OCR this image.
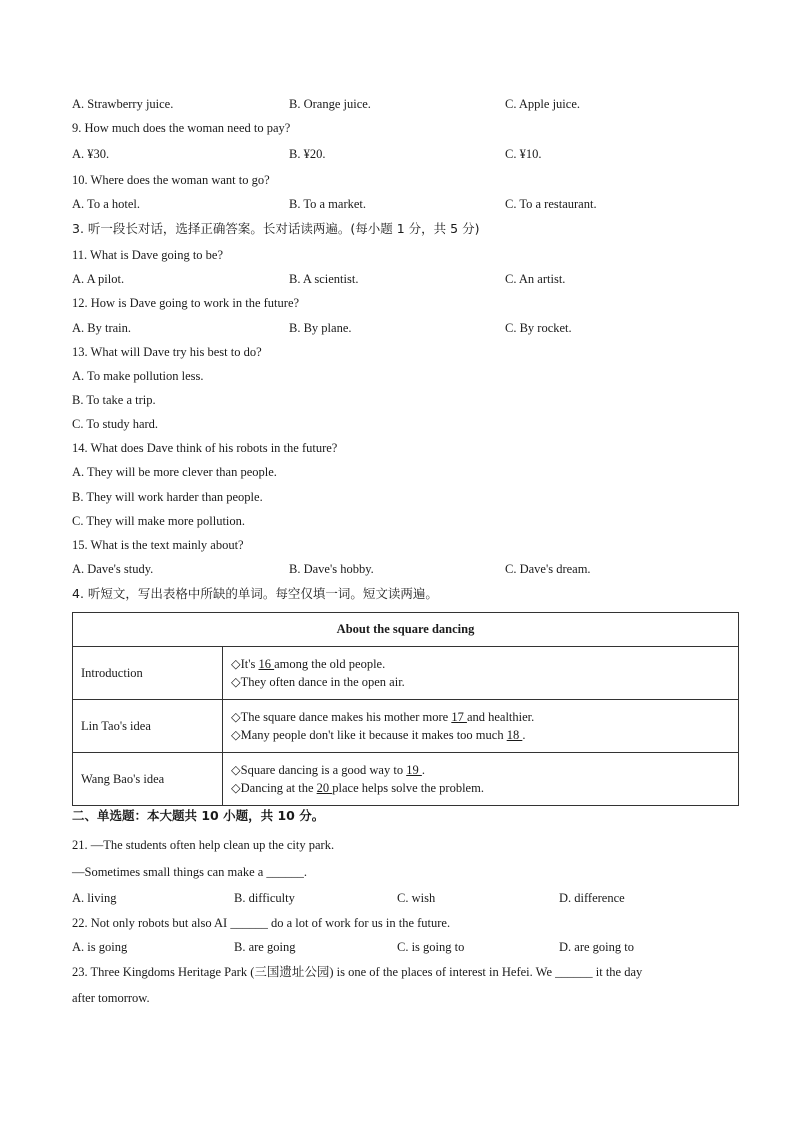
A. Strawberry juice.	B. Orange juice.	C. Apple juice.
9. How much does the woman need to pay?
A. ¥30.	B. ¥20.	C. ¥10.
10. Where does the woman want to go?
A. To a hotel.	B. To a market.	C. To a restaurant.
3. 听一段长对话，选择正确答案。长对话读两遍。(每小题 1 分，共 5 分)
11. What is Dave going to be?
A. A pilot.	B. A scientist.	C. An artist.
12. How is Dave going to work in the future?
A. By train.	B. By plane.	C. By rocket.
13. What will Dave try his best to do?
A. To make pollution less.
B. To take a trip.
C. To study hard.
14. What does Dave think of his robots in the future?
A. They will be more clever than people.
B. They will work harder than people.
C. They will make more pollution.
15. What is the text mainly about?
A. Dave's study.	B. Dave's hobby.	C. Dave's dream.
4. 听短文，写出表格中所缺的单词。每空仅填一词。短文读两遍。
About the square dancing	
Introduction	◇It's 16 among the old people.
◇They often dance in the open air.

Lin Tao's idea	◇The square dance makes his mother more 17 and healthier.
◇Many people don't like it because it makes too much 18 .

Wang Bao's idea	◇Square dancing is a good way to 19 .
◇Dancing at the 20 place helps solve the problem.
二、单选题：本大题共 10 小题，共 10 分。
21. —The students often help clean up the city park.
—Sometimes small things can make a ______.
A. living	B. difficulty	C. wish	D. difference
22. Not only robots but also AI ______ do a lot of work for us in the future.
A. is going	B. are going	C. is going to	D. are going to
23. Three Kingdoms Heritage Park (三国遗址公园) is one of the places of interest in Hefei. We ______ it the day
after tomorrow.
